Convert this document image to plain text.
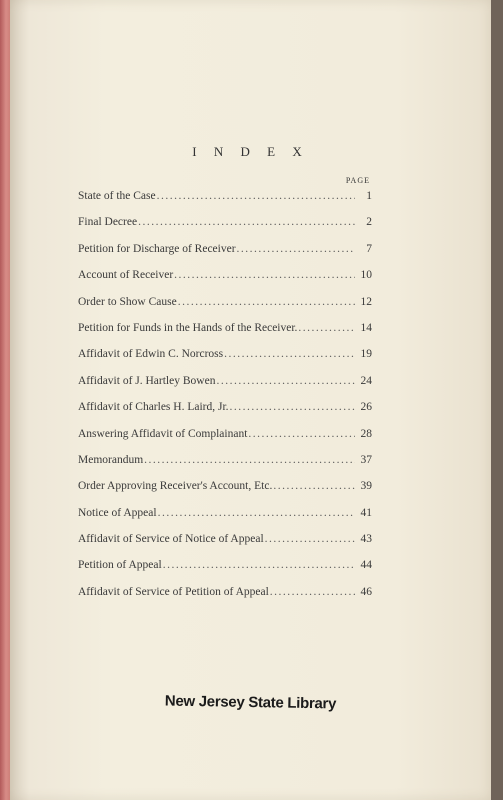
I N D E X
PAGE
State of the Case .....	1
Final Decree .....	2
Petition for Discharge of Receiver .....	7
Account of Receiver .....	10
Order to Show Cause .....	12
Petition for Funds in the Hands of the Receiver. .....	14
Affidavit of Edwin C. Norcross .....	19
Affidavit of J. Hartley Bowen .....	24
Affidavit of Charles H. Laird, Jr. .....	26
Answering Affidavit of Complainant .....	28
Memorandum .....	37
Order Approving Receiver's Account, Etc. .....	39
Notice of Appeal .....	41
Affidavit of Service of Notice of Appeal .....	43
Petition of Appeal .....	44
Affidavit of Service of Petition of Appeal .....	46
New Jersey State Library
